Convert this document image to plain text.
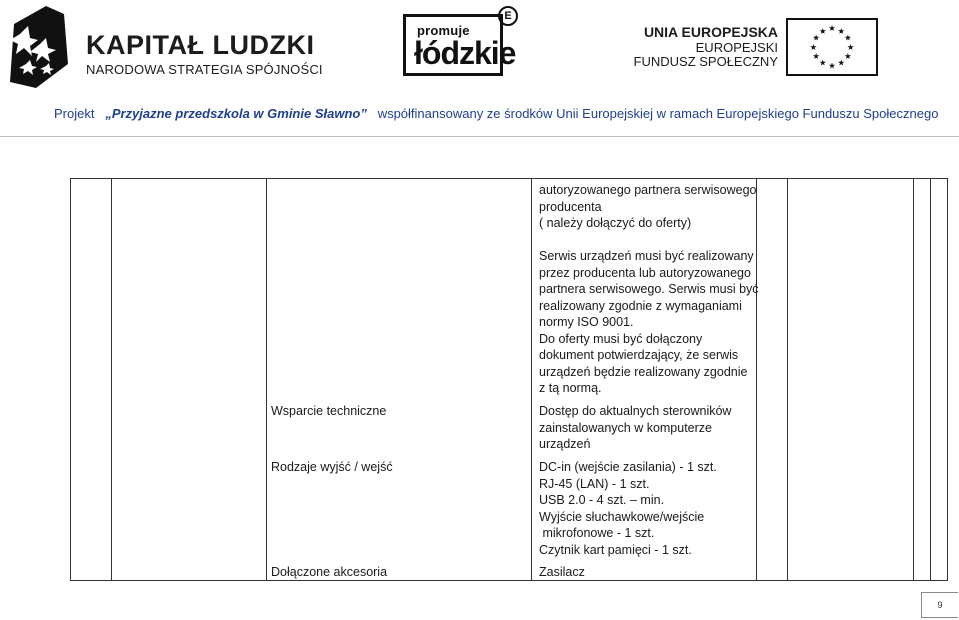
KAPITAŁ LUDZKI
NARODOWA STRATEGIA SPÓJNOŚCI
promuje
łódzkie
E
UNIA EUROPEJSKA
EUROPEJSKI
FUNDUSZ SPOŁECZNY
★ ★
★
★
★
★
★
★
★
★
★
★
Projekt „Przyjazne przedszkola w Gminie Sławno” współfinansowany ze środków Unii Europejskiej w ramach Europejskiego Funduszu Społecznego
autoryzowanego partnera serwisowego
producenta
( należy dołączyć do oferty)
Serwis urządzeń musi być realizowany
przez producenta lub autoryzowanego
partnera serwisowego. Serwis musi być
realizowany zgodnie z wymaganiami
normy ISO 9001.
Do oferty musi być dołączony
dokument potwierdzający, że serwis
urządzeń będzie realizowany zgodnie
z tą normą.
Wsparcie techniczne	Dostęp do aktualnych sterowników
zainstalowanych w komputerze
urządzeń
Rodzaje wyjść / wejść	DC-in (wejście zasilania) - 1 szt.
RJ-45 (LAN) - 1 szt.
USB 2.0 - 4 szt. – min.
Wyjście słuchawkowe/wejście
mikrofonowe - 1 szt.
Czytnik kart pamięci - 1 szt.
Dołączone akcesoria	Zasilacz
9
